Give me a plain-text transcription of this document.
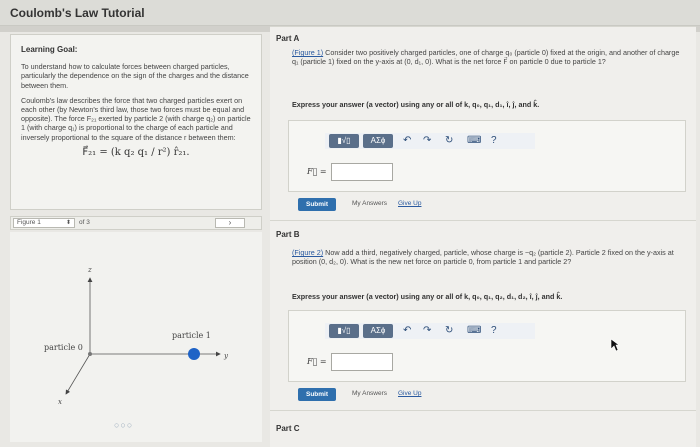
Coulomb's Law Tutorial
Learning Goal:

To understand how to calculate forces between charged particles, particularly the dependence on the sign of the charges and the distance between them.

Coulomb's law describes the force that two charged particles exert on each other (by Newton's third law, those two forces must be equal and opposite). The force F₂₁ exerted by particle 2 (with charge q₂) on particle 1 (with charge q₁) is proportional to the charge of each particle and inversely proportional to the square of the distance r between them:

F⃗₂₁ = (k q₂ q₁ / r²) r̂₂₁.
Figure 1	⬍ of 3	›
z
y
x
particle 0
particle 1
○○○
Part A
(Figure 1) Consider two positively charged particles, one of charge q₀ (particle 0) fixed at the origin, and another of charge q₁ (particle 1) fixed on the y-axis at (0, d₁, 0). What is the net force F⃗ on particle 0 due to particle 1?
Express your answer (a vector) using any or all of k, q₀, q₁, d₁, î, ĵ, and k̂.
▮√▯	ΑΣϕ	↶ ↷ ↻ ⌨ ?
F⃗ =
Submit	My Answers Give Up
Part B
(Figure 2) Now add a third, negatively charged, particle, whose charge is −q₂ (particle 2). Particle 2 fixed on the y-axis at position (0, d₂, 0). What is the new net force on particle 0, from particle 1 and particle 2?
Express your answer (a vector) using any or all of k, q₀, q₁, q₂, d₁, d₂, î, ĵ, and k̂.
▮√▯	ΑΣϕ	↶ ↷ ↻ ⌨ ?
F⃗ =
Submit	My Answers Give Up
Part C
